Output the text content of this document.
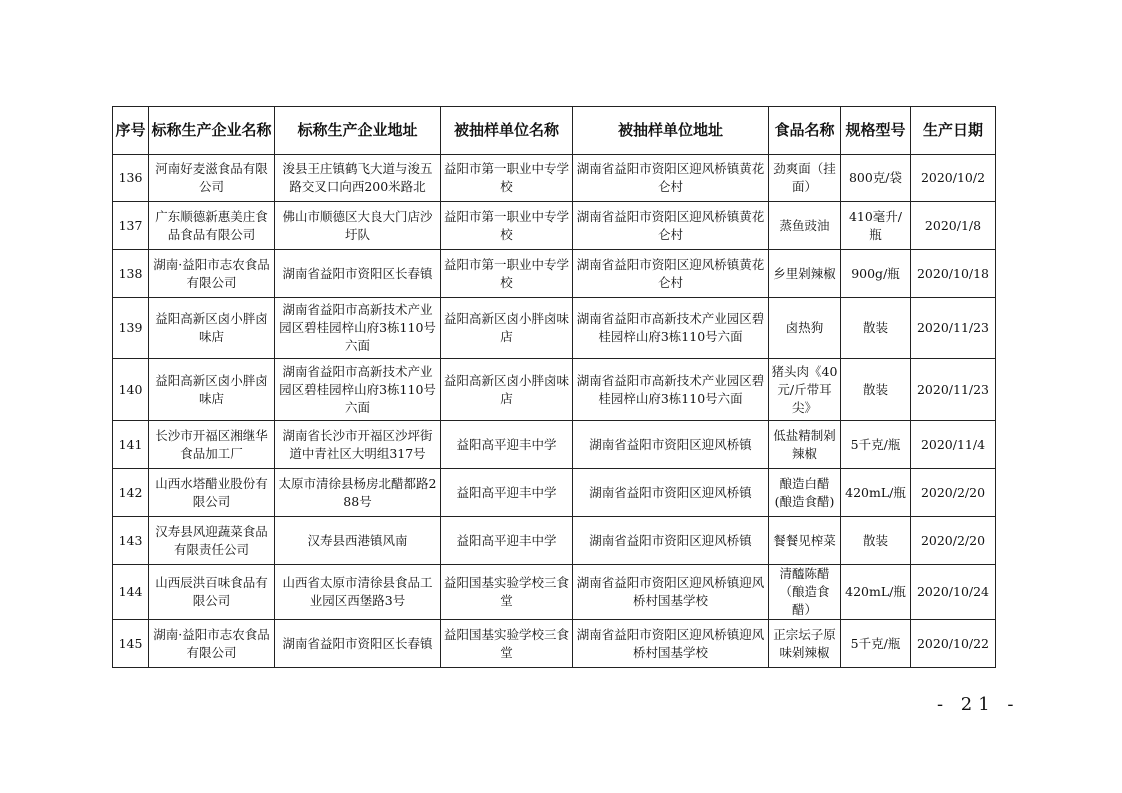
序号	标称生产企业名称	标称生产企业地址	被抽样单位名称	被抽样单位地址	食品名称	规格型号	生产日期
136	河南好麦滋食品有限公司	浚县王庄镇鹤飞大道与浚五路交叉口向西200米路北	益阳市第一职业中专学校	湖南省益阳市资阳区迎风桥镇黄花仑村	劲爽面（挂面）	800克/袋	2020/10/2
137	广东顺德新惠美庄食品食品有限公司	佛山市顺德区大良大门店沙圩队	益阳市第一职业中专学校	湖南省益阳市资阳区迎风桥镇黄花仑村	蒸鱼豉油	410毫升/瓶	2020/1/8
138	湖南·益阳市志农食品有限公司	湖南省益阳市资阳区长春镇	益阳市第一职业中专学校	湖南省益阳市资阳区迎风桥镇黄花仑村	乡里剁辣椒	900g/瓶	2020/10/18
139	益阳高新区卤小胖卤味店	湖南省益阳市高新技术产业园区碧桂园梓山府3栋110号六面	益阳高新区卤小胖卤味店	湖南省益阳市高新技术产业园区碧桂园梓山府3栋110号六面	卤热狗	散装	2020/11/23
140	益阳高新区卤小胖卤味店	湖南省益阳市高新技术产业园区碧桂园梓山府3栋110号六面	益阳高新区卤小胖卤味店	湖南省益阳市高新技术产业园区碧桂园梓山府3栋110号六面	猪头肉《40元/斤带耳尖》	散装	2020/11/23
141	长沙市开福区湘继华食品加工厂	湖南省长沙市开福区沙坪街道中青社区大明组317号	益阳高平迎丰中学	湖南省益阳市资阳区迎风桥镇	低盐精制剁辣椒	5千克/瓶	2020/11/4
142	山西水塔醋业股份有限公司	太原市清徐县杨房北醋都路288号	益阳高平迎丰中学	湖南省益阳市资阳区迎风桥镇	酿造白醋(酿造食醋)	420mL/瓶	2020/2/20
143	汉寿县风迎蔬菜食品有限责任公司	汉寿县西港镇风南	益阳高平迎丰中学	湖南省益阳市资阳区迎风桥镇	餐餐见榨菜	散装	2020/2/20
144	山西辰洪百味食品有限公司	山西省太原市清徐县食品工业园区西堡路3号	益阳国基实验学校三食堂	湖南省益阳市资阳区迎风桥镇迎风桥村国基学校	清醯陈醋（酿造食醋）	420mL/瓶	2020/10/24
145	湖南·益阳市志农食品有限公司	湖南省益阳市资阳区长春镇	益阳国基实验学校三食堂	湖南省益阳市资阳区迎风桥镇迎风桥村国基学校	正宗坛子原味剁辣椒	5千克/瓶	2020/10/22
- 21 -
